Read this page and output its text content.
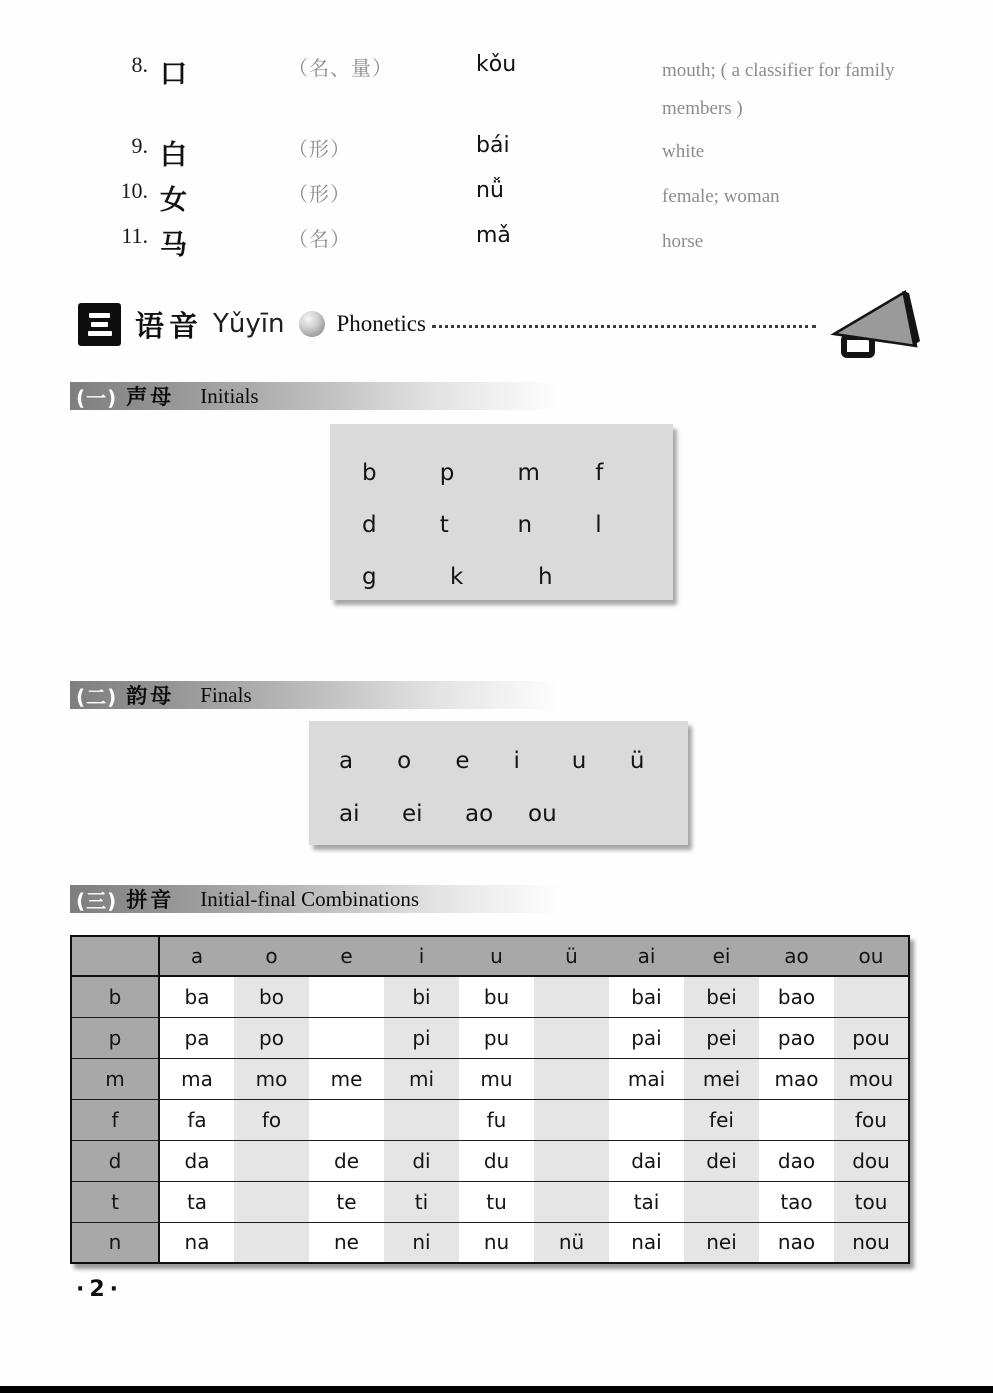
8. 口	（名、量）	kǒu	mouth; ( a classifier for family members )
9. 白	（形）	bái	white
10. 女	（形）	nǚ	female; woman
11. 马	（名）	mǎ	horse
语音 Yǔyīn Phonetics
(一) 声母 Initials
b	p	m	f
d	t	n	l
g	k	h
(二) 韵母 Finals
a	o	e	i	u	ü
ai	ei	ao	ou
(三) 拼音 Initial-final Combinations
	a	o	e	i	u	ü	ai	ei	ao	ou
b	ba	bo		bi	bu		bai	bei	bao	
p	pa	po		pi	pu		pai	pei	pao	pou
m	ma	mo	me	mi	mu		mai	mei	mao	mou
f	fa	fo			fu			fei		fou
d	da		de	di	du		dai	dei	dao	dou
t	ta		te	ti	tu		tai		tao	tou
n	na		ne	ni	nu	nü	nai	nei	nao	nou
·2·
